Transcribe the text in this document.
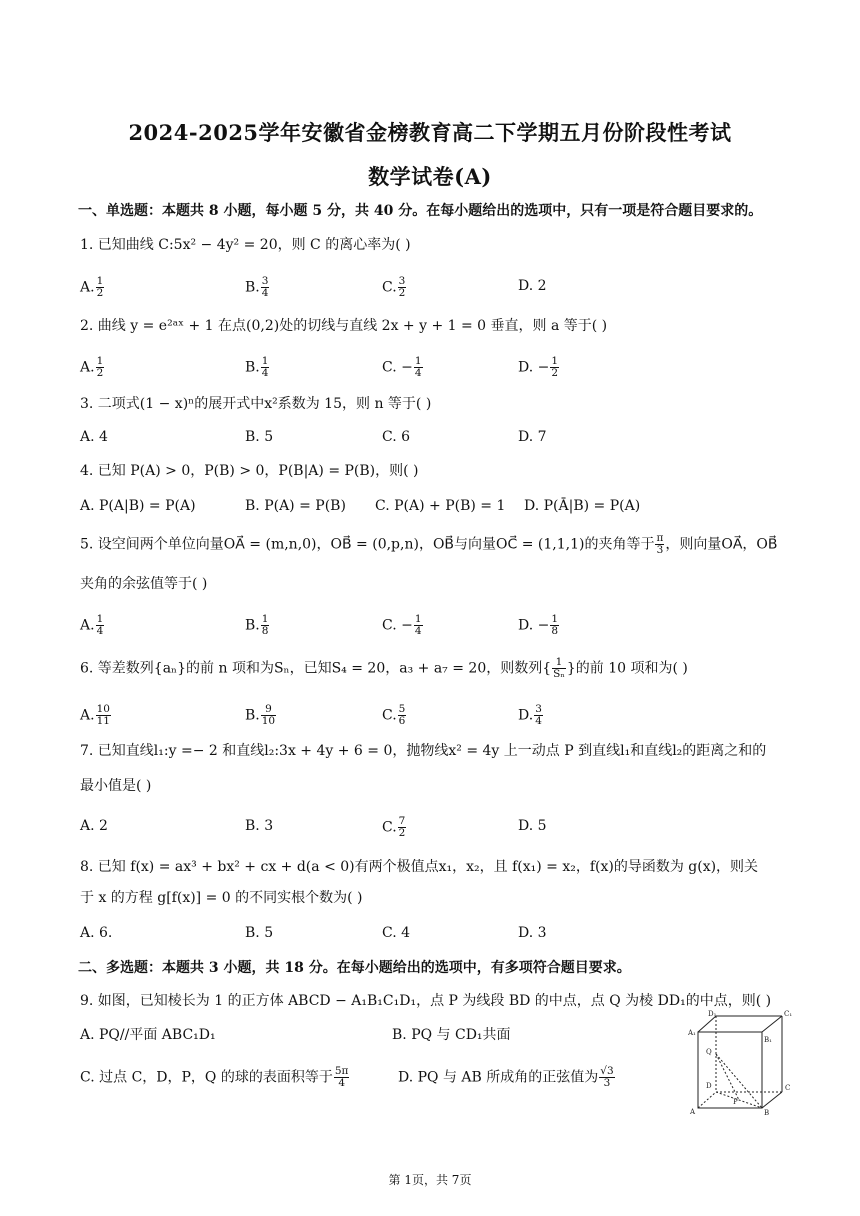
2024-2025学年安徽省金榜教育高二下学期五月份阶段性考试
数学试卷(A)
一、单选题：本题共 8 小题，每小题 5 分，共 40 分。在每小题给出的选项中，只有一项是符合题目要求的。
1. 已知曲线 C:5x² − 4y² = 20，则 C 的离心率为( )
A. $\frac{1}{2}$	B. $\frac{3}{4}$	C. $\frac{3}{2}$	D. 2
2. 曲线 y = e²ᵃˣ + 1 在点(0,2)处的切线与直线 2x + y + 1 = 0 垂直，则 a 等于( )
A. $\frac{1}{2}$	B. $\frac{1}{4}$	C. − $\frac{1}{4}$	D. − $\frac{1}{2}$
3. 二项式(1 − x)ⁿ的展开式中x²系数为 15，则 n 等于( )
A. 4	B. 5	C. 6	D. 7
4. 已知 P(A) > 0，P(B) > 0，P(B|A) = P(B)，则( )
A. P(A|B) = P(A)	B. P(A) = P(B) C. P(A) + P(B) = 1 D. P(Ā|B) = P(A)
5. 设空间两个单位向量OA⃗ = (m,n,0)，OB⃗ = (0,p,n)，OB⃗与向量OC⃗ = (1,1,1)的夹角等于 $\frac{\pi}{3}$ ，则向量OA⃗，OB⃗
夹角的余弦值等于( )
A. $\frac{1}{4}$	B. $\frac{1}{8}$	C. − $\frac{1}{4}$	D. − $\frac{1}{8}$
6. 等差数列{aₙ}的前 n 项和为Sₙ，已知S₄ = 20，a₃ + a₇ = 20，则数列{ $\frac{1}{\text{Sₙ}}$ }的前 10 项和为( )
A. $\frac{10}{11}$	B. $\frac{9}{10}$	C. $\frac{5}{6}$	D. $\frac{3}{4}$
7. 已知直线l₁:y =− 2 和直线l₂:3x + 4y + 6 = 0，抛物线x² = 4y 上一动点 P 到直线l₁和直线l₂的距离之和的
最小值是( )
A. 2	B. 3	C. $\frac{7}{2}$	D. 5
8. 已知 f(x) = ax³ + bx² + cx + d(a < 0)有两个极值点x₁，x₂，且 f(x₁) = x₂，f(x)的导函数为 g(x)，则关
于 x 的方程 g[f(x)] = 0 的不同实根个数为( )
A. 6.	B. 5	C. 4	D. 3
二、多选题：本题共 3 小题，共 18 分。在每小题给出的选项中，有多项符合题目要求。
9. 如图，已知棱长为 1 的正方体 ABCD − A₁B₁C₁D₁，点 P 为线段 BD 的中点，点 Q 为棱 DD₁的中点，则( )
A. PQ//平面 ABC₁D₁	B. PQ 与 CD₁共面
C. 过点 C，D，P，Q 的球的表面积等于 $\frac{5\pi}{4}$	D. PQ 与 AB 所成角的正弦值为 $\frac{√3}{3}$
D₁	C₁
A₁
B₁
Q
D	C
A
P
B
第 1页，共 7页
